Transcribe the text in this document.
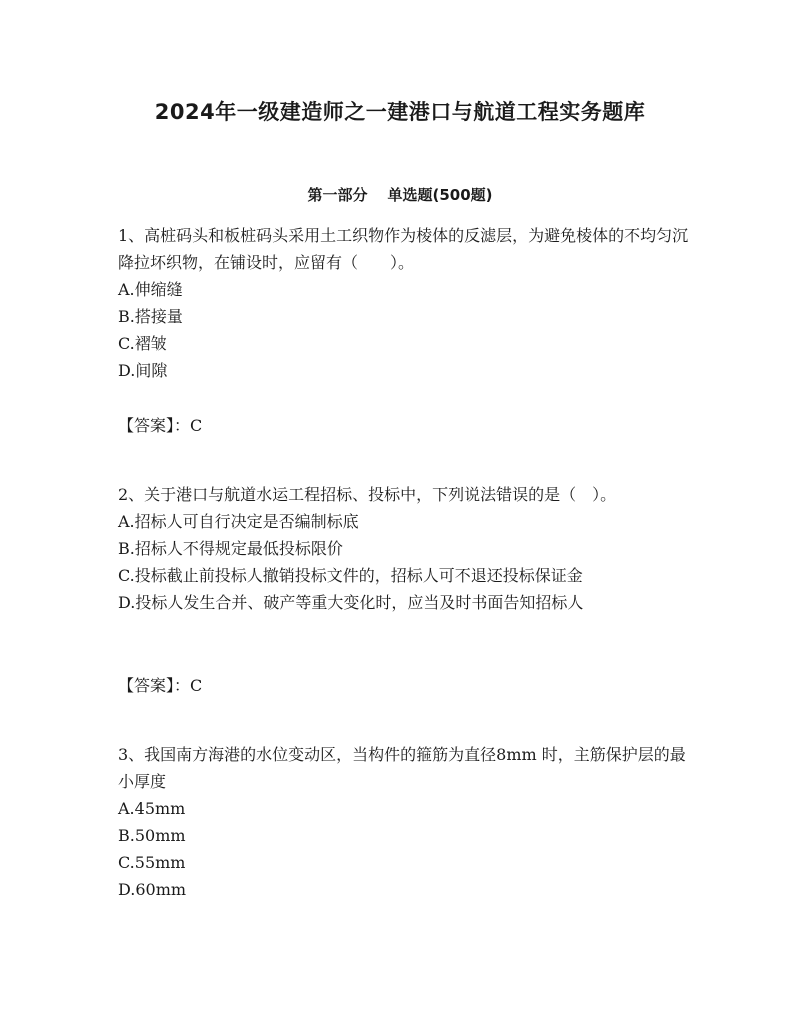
2024年一级建造师之一建港口与航道工程实务题库
第一部分 单选题(500题)

1、高桩码头和板桩码头采用土工织物作为棱体的反滤层，为避免棱体的不均匀沉降拉坏织物，在铺设时，应留有（　　）。

A.伸缩缝

B.搭接量

C.褶皱

D.间隙

【答案】：C

2、关于港口与航道水运工程招标、投标中，下列说法错误的是（　）。

A.招标人可自行决定是否编制标底

B.招标人不得规定最低投标限价

C.投标截止前投标人撤销投标文件的，招标人可不退还投标保证金

D.投标人发生合并、破产等重大变化时，应当及时书面告知招标人

【答案】：C

3、我国南方海港的水位变动区，当构件的箍筋为直径8mm 时，主筋保护层的最小厚度

A.45mm

B.50mm

C.55mm

D.60mm
